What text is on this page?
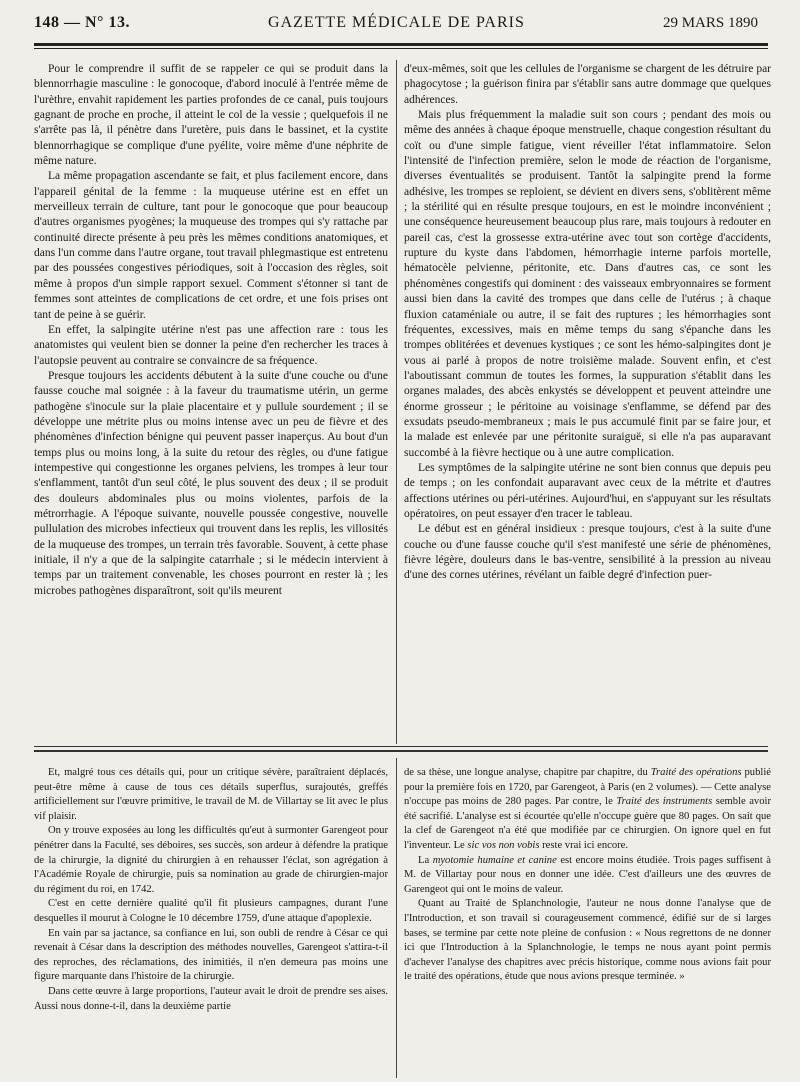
148 — N° 13.	GAZETTE MÉDICALE DE PARIS	29 MARS 1890

Pour le comprendre il suffit de se rappeler ce qui se produit dans la blennorrhagie masculine : le gonocoque, d'abord inoculé à l'entrée même de l'urèthre, envahit rapidement les parties profondes de ce canal, puis toujours gagnant de proche en proche, il atteint le col de la vessie ; quelquefois il ne s'arrête pas là, il pénètre dans l'uretère, puis dans le bassinet, et la cystite blennorrhagique se complique d'une pyélite, voire même d'une néphrite de même nature.

La même propagation ascendante se fait, et plus facilement encore, dans l'appareil génital de la femme : la muqueuse utérine est en effet un merveilleux terrain de culture, tant pour le gonocoque que pour beaucoup d'autres organismes pyogènes; la muqueuse des trompes qui s'y rattache par continuité directe présente à peu près les mêmes conditions anatomiques, et dans l'un comme dans l'autre organe, tout travail phlegmastique est entretenu par des poussées congestives périodiques, soit à l'occasion des règles, soit même à propos d'un simple rapport sexuel. Comment s'étonner si tant de femmes sont atteintes de complications de cet ordre, et une fois prises ont tant de peine à se guérir.

En effet, la salpingite utérine n'est pas une affection rare : tous les anatomistes qui veulent bien se donner la peine d'en rechercher les traces à l'autopsie peuvent au contraire se convaincre de sa fréquence.

Presque toujours les accidents débutent à la suite d'une couche ou d'une fausse couche mal soignée : à la faveur du traumatisme utérin, un germe pathogène s'inocule sur la plaie placentaire et y pullule sourdement ; il se développe une métrite plus ou moins intense avec un peu de fièvre et des phénomènes d'infection bénigne qui peuvent passer inaperçus. Au bout d'un temps plus ou moins long, à la suite du retour des règles, ou d'une fatigue intempestive qui congestionne les organes pelviens, les trompes à leur tour s'enflamment, tantôt d'un seul côté, le plus souvent des deux ; il se produit des douleurs abdominales plus ou moins violentes, parfois de la métrorrhagie. A l'époque suivante, nouvelle poussée congestive, nouvelle pullulation des microbes infectieux qui trouvent dans les replis, les villosités de la muqueuse des trompes, un terrain très favorable. Souvent, à cette phase initiale, il n'y a que de la salpingite catarrhale ; si le médecin intervient à temps par un traitement convenable, les choses pourront en rester là ; les microbes pathogènes disparaîtront, soit qu'ils meurent

d'eux-mêmes, soit que les cellules de l'organisme se chargent de les détruire par phagocytose ; la guérison finira par s'établir sans autre dommage que quelques adhérences.

Mais plus fréquemment la maladie suit son cours ; pendant des mois ou même des années à chaque époque menstruelle, chaque congestion résultant du coït ou d'une simple fatigue, vient réveiller l'état inflammatoire. Selon l'intensité de l'infection première, selon le mode de réaction de l'organisme, diverses éventualités se produisent. Tantôt la salpingite prend la forme adhésive, les trompes se reploient, se dévient en divers sens, s'oblitèrent même ; la stérilité qui en résulte presque toujours, en est le moindre inconvénient ; une conséquence heureusement beaucoup plus rare, mais toujours à redouter en pareil cas, c'est la grossesse extra-utérine avec tout son cortège d'accidents, rupture du kyste dans l'abdomen, hémorrhagie interne parfois mortelle, hématocèle pelvienne, péritonite, etc. Dans d'autres cas, ce sont les phénomènes congestifs qui dominent : des vaisseaux embryonnaires se forment aussi bien dans la cavité des trompes que dans celle de l'utérus ; à chaque fluxion cataméniale ou autre, il se fait des ruptures ; les hémorrhagies sont fréquentes, excessives, mais en même temps du sang s'épanche dans les trompes oblitérées et devenues kystiques ; ce sont les hémo-salpingites dont je vous ai parlé à propos de notre troisième malade. Souvent enfin, et c'est l'aboutissant commun de toutes les formes, la suppuration s'établit dans les organes malades, des abcès enkystés se développent et peuvent atteindre une énorme grosseur ; le péritoine au voisinage s'enflamme, se défend par des exsudats pseudo-membraneux ; mais le pus accumulé finit par se faire jour, et la malade est enlevée par une péritonite suraiguë, si elle n'a pas auparavant succombé à la fièvre hectique ou à une autre complication.

Les symptômes de la salpingite utérine ne sont bien connus que depuis peu de temps ; on les confondait auparavant avec ceux de la métrite et d'autres affections utérines ou péri-utérines. Aujourd'hui, en s'appuyant sur les résultats opératoires, on peut essayer d'en tracer le tableau.

Le début est en général insidieux : presque toujours, c'est à la suite d'une couche ou d'une fausse couche qu'il s'est manifesté une série de phénomènes, fièvre légère, douleurs dans le bas-ventre, sensibilité à la pression au niveau d'une des cornes utérines, révélant un faible degré d'infection puer-

Et, malgré tous ces détails qui, pour un critique sévère, paraîtraient déplacés, peut-être même à cause de tous ces détails superflus, surajoutés, greffés artificiellement sur l'œuvre primitive, le travail de M. de Villartay se lit avec le plus vif plaisir.

On y trouve exposées au long les difficultés qu'eut à surmonter Garengeot pour pénétrer dans la Faculté, ses déboires, ses succès, son ardeur à défendre la pratique de la chirurgie, la dignité du chirurgien à en rehausser l'éclat, son agrégation à l'Académie Royale de chirurgie, puis sa nomination au grade de chirurgien-major du régiment du roi, en 1742.

C'est en cette dernière qualité qu'il fit plusieurs campagnes, durant l'une desquelles il mourut à Cologne le 10 décembre 1759, d'une attaque d'apoplexie.

En vain par sa jactance, sa confiance en lui, son oubli de rendre à César ce qui revenait à César dans la description des méthodes nouvelles, Garengeot s'attira-t-il des reproches, des réclamations, des inimitiés, il n'en demeura pas moins une figure marquante dans l'histoire de la chirurgie.

Dans cette œuvre à large proportions, l'auteur avait le droit de prendre ses aises. Aussi nous donne-t-il, dans la deuxième partie

de sa thèse, une longue analyse, chapitre par chapitre, du Traité des opérations publié pour la première fois en 1720, par Garengeot, à Paris (en 2 volumes). — Cette analyse n'occupe pas moins de 280 pages. Par contre, le Traité des instruments semble avoir été sacrifié. L'analyse est si écourtée qu'elle n'occupe guère que 80 pages. On sait que la clef de Garengeot n'a été que modifiée par ce chirurgien. On ignore quel en fut l'inventeur. Le sic vos non vobis reste vrai ici encore.

La myotomie humaine et canine est encore moins étudiée. Trois pages suffisent à M. de Villartay pour nous en donner une idée. C'est d'ailleurs une des œuvres de Garengeot qui ont le moins de valeur.

Quant au Traité de Splanchnologie, l'auteur ne nous donne l'analyse que de l'Introduction, et son travail si courageusement commencé, édifié sur de si larges bases, se termine par cette note pleine de confusion : « Nous regrettons de ne donner ici que l'Introduction à la Splanchnologie, le temps ne nous ayant point permis d'achever l'analyse des chapitres avec précis historique, comme nous avions fait pour le traité des opérations, étude que nous avions presque terminée. »
